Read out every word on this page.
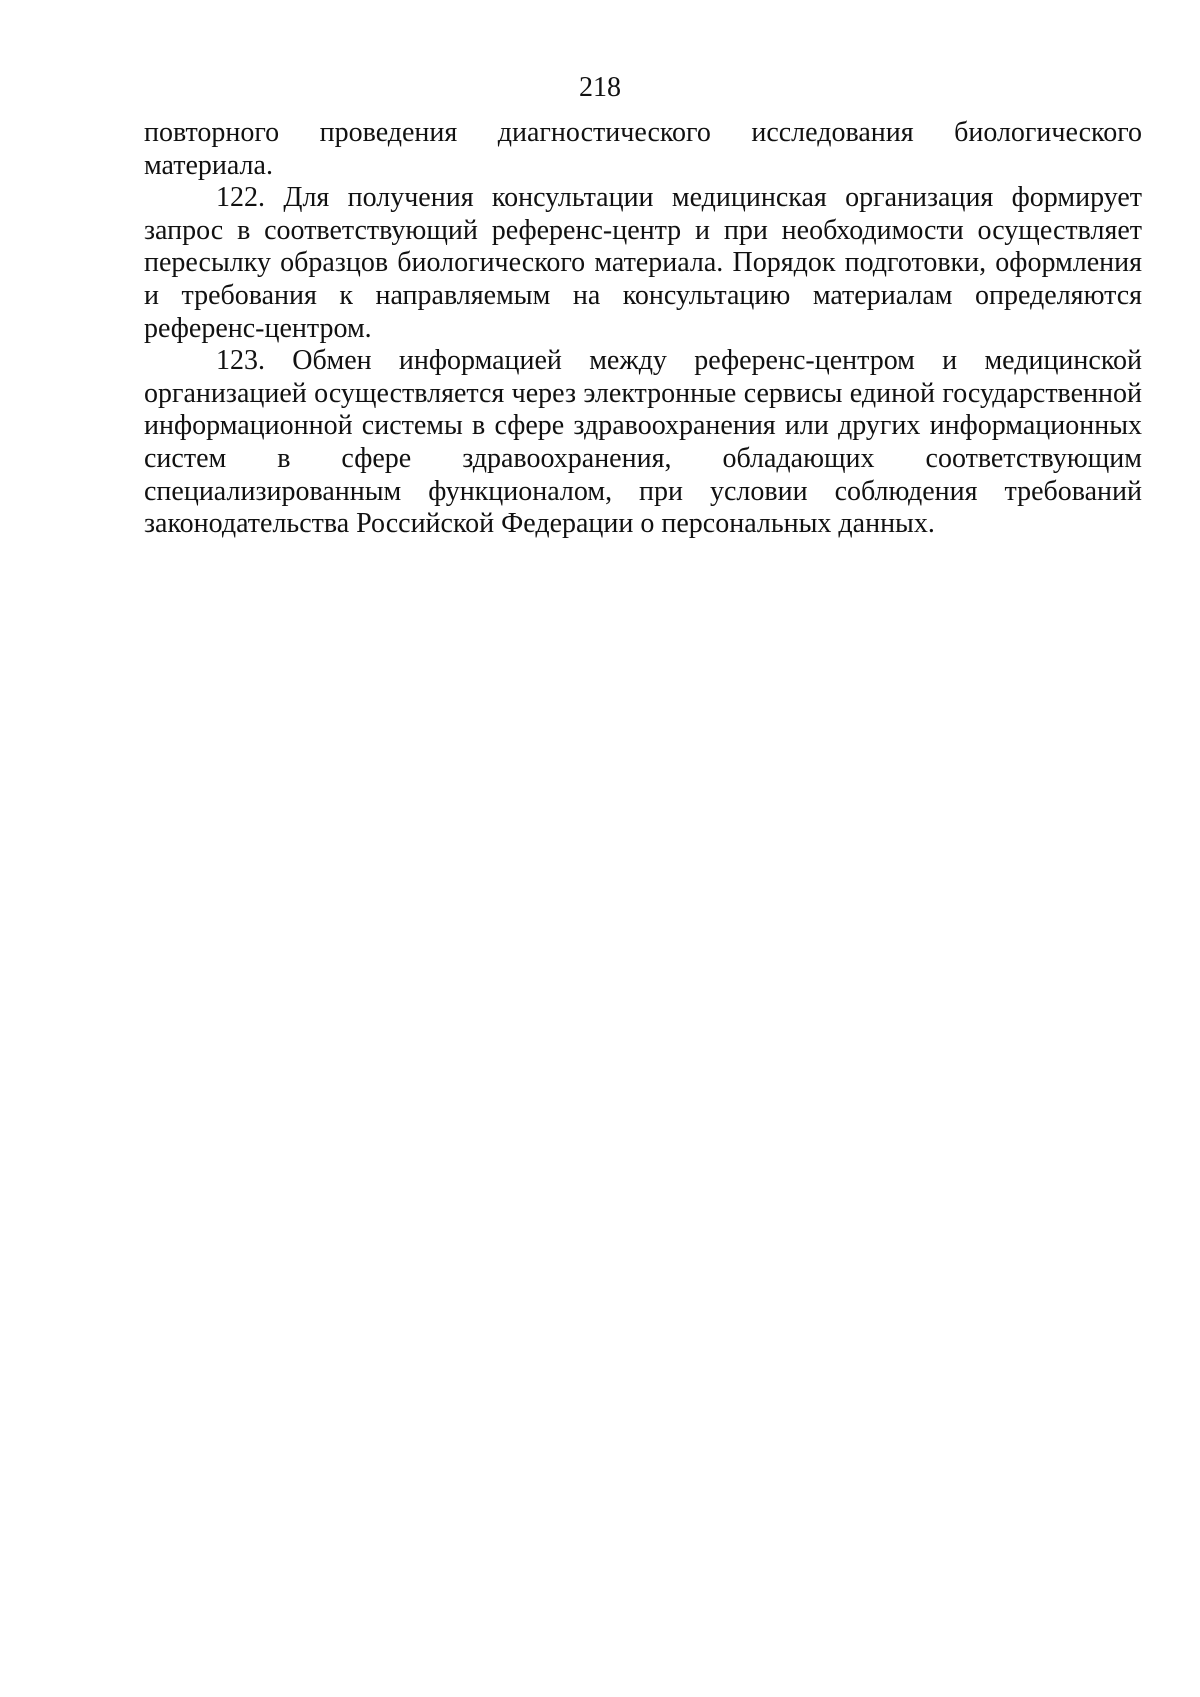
218

повторного проведения диагностического исследования биологического материала.

122. Для получения консультации медицинская организация формирует запрос в соответствующий референс-центр и при необходимости осуществляет пересылку образцов биологического материала. Порядок подготовки, оформления и требования к направляемым на консультацию материалам определяются референс-центром.

123. Обмен информацией между референс-центром и медицинской организацией осуществляется через электронные сервисы единой государственной информационной системы в сфере здравоохранения или других информационных систем в сфере здравоохранения, обладающих соответствующим специализированным функционалом, при условии соблюдения требований законодательства Российской Федерации о персональных данных.
